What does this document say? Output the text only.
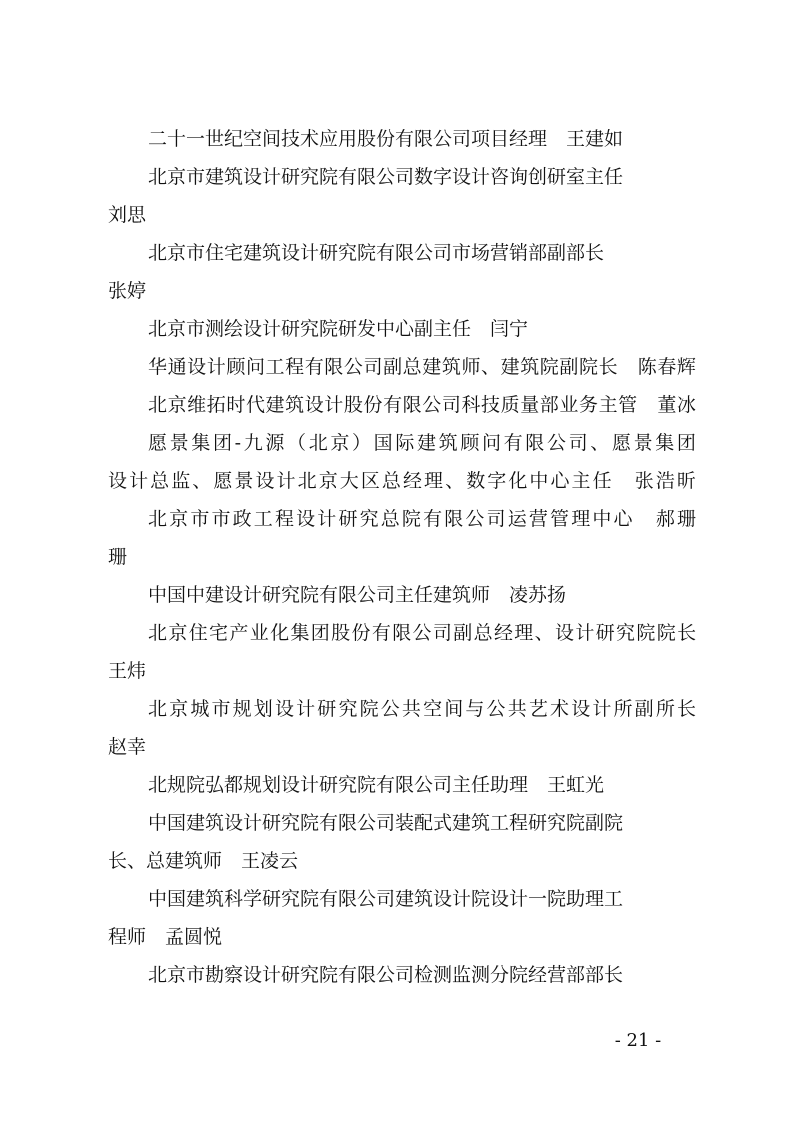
二十一世纪空间技术应用股份有限公司项目经理　王建如
北京市建筑设计研究院有限公司数字设计咨询创研室主任
刘思
北京市住宅建筑设计研究院有限公司市场营销部副部长
张婷
北京市测绘设计研究院研发中心副主任　闫宁
华通设计顾问工程有限公司副总建筑师、建筑院副院长　陈春辉
北京维拓时代建筑设计股份有限公司科技质量部业务主管　董冰
愿景集团-九源（北京）国际建筑顾问有限公司、愿景集团
设计总监、愿景设计北京大区总经理、数字化中心主任　张浩昕
北京市市政工程设计研究总院有限公司运营管理中心　郝珊
珊
中国中建设计研究院有限公司主任建筑师　凌苏扬
北京住宅产业化集团股份有限公司副总经理、设计研究院院长
王炜
北京城市规划设计研究院公共空间与公共艺术设计所副所长
赵幸
北规院弘都规划设计研究院有限公司主任助理　王虹光
中国建筑设计研究院有限公司装配式建筑工程研究院副院
长、总建筑师　王凌云
中国建筑科学研究院有限公司建筑设计院设计一院助理工
程师　孟圆悦
北京市勘察设计研究院有限公司检测监测分院经营部部长
- 21 -
